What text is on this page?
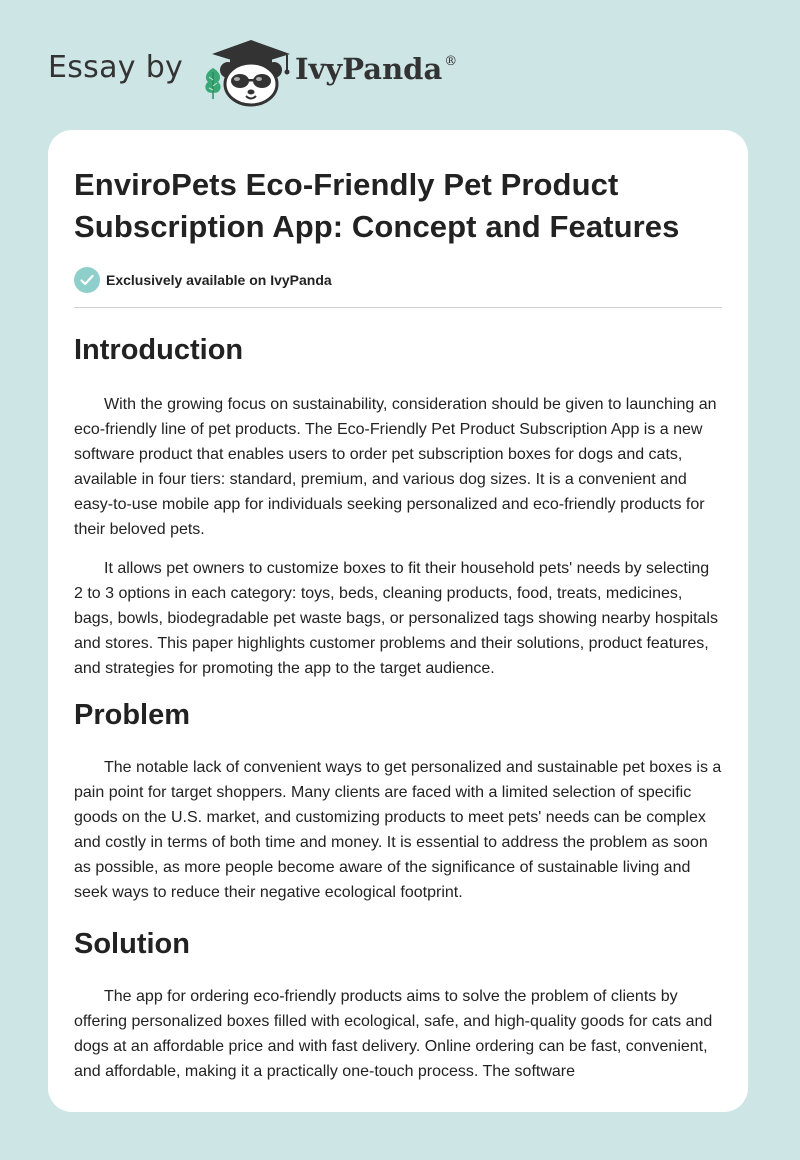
Essay by	IvyPanda ®
EnviroPets Eco-Friendly Pet Product Subscription App: Concept and Features
Exclusively available on IvyPanda
Introduction

With the growing focus on sustainability, consideration should be given to launching an eco-friendly line of pet products. The Eco-Friendly Pet Product Subscription App is a new software product that enables users to order pet subscription boxes for dogs and cats, available in four tiers: standard, premium, and various dog sizes. It is a convenient and easy-to-use mobile app for individuals seeking personalized and eco-friendly products for their beloved pets.

It allows pet owners to customize boxes to fit their household pets' needs by selecting 2 to 3 options in each category: toys, beds, cleaning products, food, treats, medicines, bags, bowls, biodegradable pet waste bags, or personalized tags showing nearby hospitals and stores. This paper highlights customer problems and their solutions, product features, and strategies for promoting the app to the target audience.

Problem

The notable lack of convenient ways to get personalized and sustainable pet boxes is a pain point for target shoppers. Many clients are faced with a limited selection of specific goods on the U.S. market, and customizing products to meet pets' needs can be complex and costly in terms of both time and money. It is essential to address the problem as soon as possible, as more people become aware of the significance of sustainable living and seek ways to reduce their negative ecological footprint.

Solution

The app for ordering eco-friendly products aims to solve the problem of clients by offering personalized boxes filled with ecological, safe, and high-quality goods for cats and dogs at an affordable price and with fast delivery. Online ordering can be fast, convenient, and affordable, making it a practically one-touch process. The software
